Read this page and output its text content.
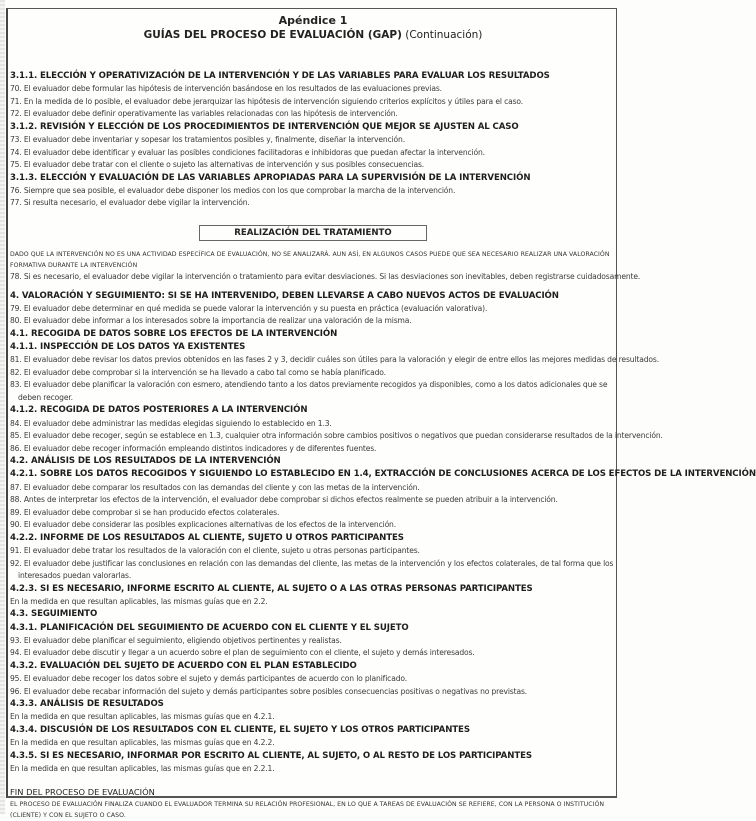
Apéndice 1
GUÍAS DEL PROCESO DE EVALUACIÓN (GAP) (Continuación)
3.1.1. ELECCIÓN Y OPERATIVIZACIÓN DE LA INTERVENCIÓN Y DE LAS VARIABLES PARA EVALUAR LOS RESULTADOS
70. El evaluador debe formular las hipótesis de intervención basándose en los resultados de las evaluaciones previas.
71. En la medida de lo posible, el evaluador debe jerarquizar las hipótesis de intervención siguiendo criterios explícitos y útiles para el caso.
72. El evaluador debe definir operativamente las variables relacionadas con las hipótesis de intervención.
3.1.2. REVISIÓN Y ELECCIÓN DE LOS PROCEDIMIENTOS DE INTERVENCIÓN QUE MEJOR SE AJUSTEN AL CASO
73. El evaluador debe inventariar y sopesar los tratamientos posibles y, finalmente, diseñar la intervención.
74. El evaluador debe identificar y evaluar las posibles condiciones facilitadoras e inhibidoras que puedan afectar la intervención.
75. El evaluador debe tratar con el cliente o sujeto las alternativas de intervención y sus posibles consecuencias.
3.1.3. ELECCIÓN Y EVALUACIÓN DE LAS VARIABLES APROPIADAS PARA LA SUPERVISIÓN DE LA INTERVENCIÓN
76. Siempre que sea posible, el evaluador debe disponer los medios con los que comprobar la marcha de la intervención.
77. Si resulta necesario, el evaluador debe vigilar la intervención.
REALIZACIÓN DEL TRATAMIENTO
DADO QUE LA INTERVENCIÓN NO ES UNA ACTIVIDAD ESPECÍFICA DE EVALUACIÓN, NO SE ANALIZARÁ. AUN ASÍ, EN ALGUNOS CASOS PUEDE QUE SEA NECESARIO REALIZAR UNA VALORACIÓN FORMATIVA DURANTE LA INTERVENCIÓN
78. Si es necesario, el evaluador debe vigilar la intervención o tratamiento para evitar desviaciones. Si las desviaciones son inevitables, deben registrarse cuidadosamente.
4. VALORACIÓN Y SEGUIMIENTO: SI SE HA INTERVENIDO, DEBEN LLEVARSE A CABO NUEVOS ACTOS DE EVALUACIÓN
79. El evaluador debe determinar en qué medida se puede valorar la intervención y su puesta en práctica (evaluación valorativa).
80. El evaluador debe informar a los interesados sobre la importancia de realizar una valoración de la misma.
4.1. RECOGIDA DE DATOS SOBRE LOS EFECTOS DE LA INTERVENCIÓN
4.1.1. INSPECCIÓN DE LOS DATOS YA EXISTENTES
81. El evaluador debe revisar los datos previos obtenidos en las fases 2 y 3, decidir cuáles son útiles para la valoración y elegir de entre ellos las mejores medidas de resultados.
82. El evaluador debe comprobar si la intervención se ha llevado a cabo tal como se había planificado.
83. El evaluador debe planificar la valoración con esmero, atendiendo tanto a los datos previamente recogidos ya disponibles, como a los datos adicionales que se deben recoger.
4.1.2. RECOGIDA DE DATOS POSTERIORES A LA INTERVENCIÓN
84. El evaluador debe administrar las medidas elegidas siguiendo lo establecido en 1.3.
85. El evaluador debe recoger, según se establece en 1.3, cualquier otra información sobre cambios positivos o negativos que puedan considerarse resultados de la intervención.
86. El evaluador debe recoger información empleando distintos indicadores y de diferentes fuentes.
4.2. ANÁLISIS DE LOS RESULTADOS DE LA INTERVENCIÓN
4.2.1. SOBRE LOS DATOS RECOGIDOS Y SIGUIENDO LO ESTABLECIDO EN 1.4, EXTRACCIÓN DE CONCLUSIONES ACERCA DE LOS EFECTOS DE LA INTERVENCIÓN
87. El evaluador debe comparar los resultados con las demandas del cliente y con las metas de la intervención.
88. Antes de interpretar los efectos de la intervención, el evaluador debe comprobar si dichos efectos realmente se pueden atribuir a la intervención.
89. El evaluador debe comprobar si se han producido efectos colaterales.
90. El evaluador debe considerar las posibles explicaciones alternativas de los efectos de la intervención.
4.2.2. INFORME DE LOS RESULTADOS AL CLIENTE, SUJETO U OTROS PARTICIPANTES
91. El evaluador debe tratar los resultados de la valoración con el cliente, sujeto u otras personas participantes.
92. El evaluador debe justificar las conclusiones en relación con las demandas del cliente, las metas de la intervención y los efectos colaterales, de tal forma que los interesados puedan valorarlas.
4.2.3. SI ES NECESARIO, INFORME ESCRITO AL CLIENTE, AL SUJETO O A LAS OTRAS PERSONAS PARTICIPANTES
En la medida en que resultan aplicables, las mismas guías que en 2.2.
4.3. SEGUIMIENTO
4.3.1. PLANIFICACIÓN DEL SEGUIMIENTO DE ACUERDO CON EL CLIENTE Y EL SUJETO
93. El evaluador debe planificar el seguimiento, eligiendo objetivos pertinentes y realistas.
94. El evaluador debe discutir y llegar a un acuerdo sobre el plan de seguimiento con el cliente, el sujeto y demás interesados.
4.3.2. EVALUACIÓN DEL SUJETO DE ACUERDO CON EL PLAN ESTABLECIDO
95. El evaluador debe recoger los datos sobre el sujeto y demás participantes de acuerdo con lo planificado.
96. El evaluador debe recabar información del sujeto y demás participantes sobre posibles consecuencias positivas o negativas no previstas.
4.3.3. ANÁLISIS DE RESULTADOS
En la medida en que resultan aplicables, las mismas guías que en 4.2.1.
4.3.4. DISCUSIÓN DE LOS RESULTADOS CON EL CLIENTE, EL SUJETO Y LOS OTROS PARTICIPANTES
En la medida en que resultan aplicables, las mismas guías que en 4.2.2.
4.3.5. SI ES NECESARIO, INFORMAR POR ESCRITO AL CLIENTE, AL SUJETO, O AL RESTO DE LOS PARTICIPANTES
En la medida en que resultan aplicables, las mismas guías que en 2.2.1.
FIN DEL PROCESO DE EVALUACIÓN
EL PROCESO DE EVALUACIÓN FINALIZA CUANDO EL EVALUADOR TERMINA SU RELACIÓN PROFESIONAL, EN LO QUE A TAREAS DE EVALUACIÓN SE REFIERE, CON LA PERSONA O INSTITUCIÓN (CLIENTE) Y CON EL SUJETO O CASO.
